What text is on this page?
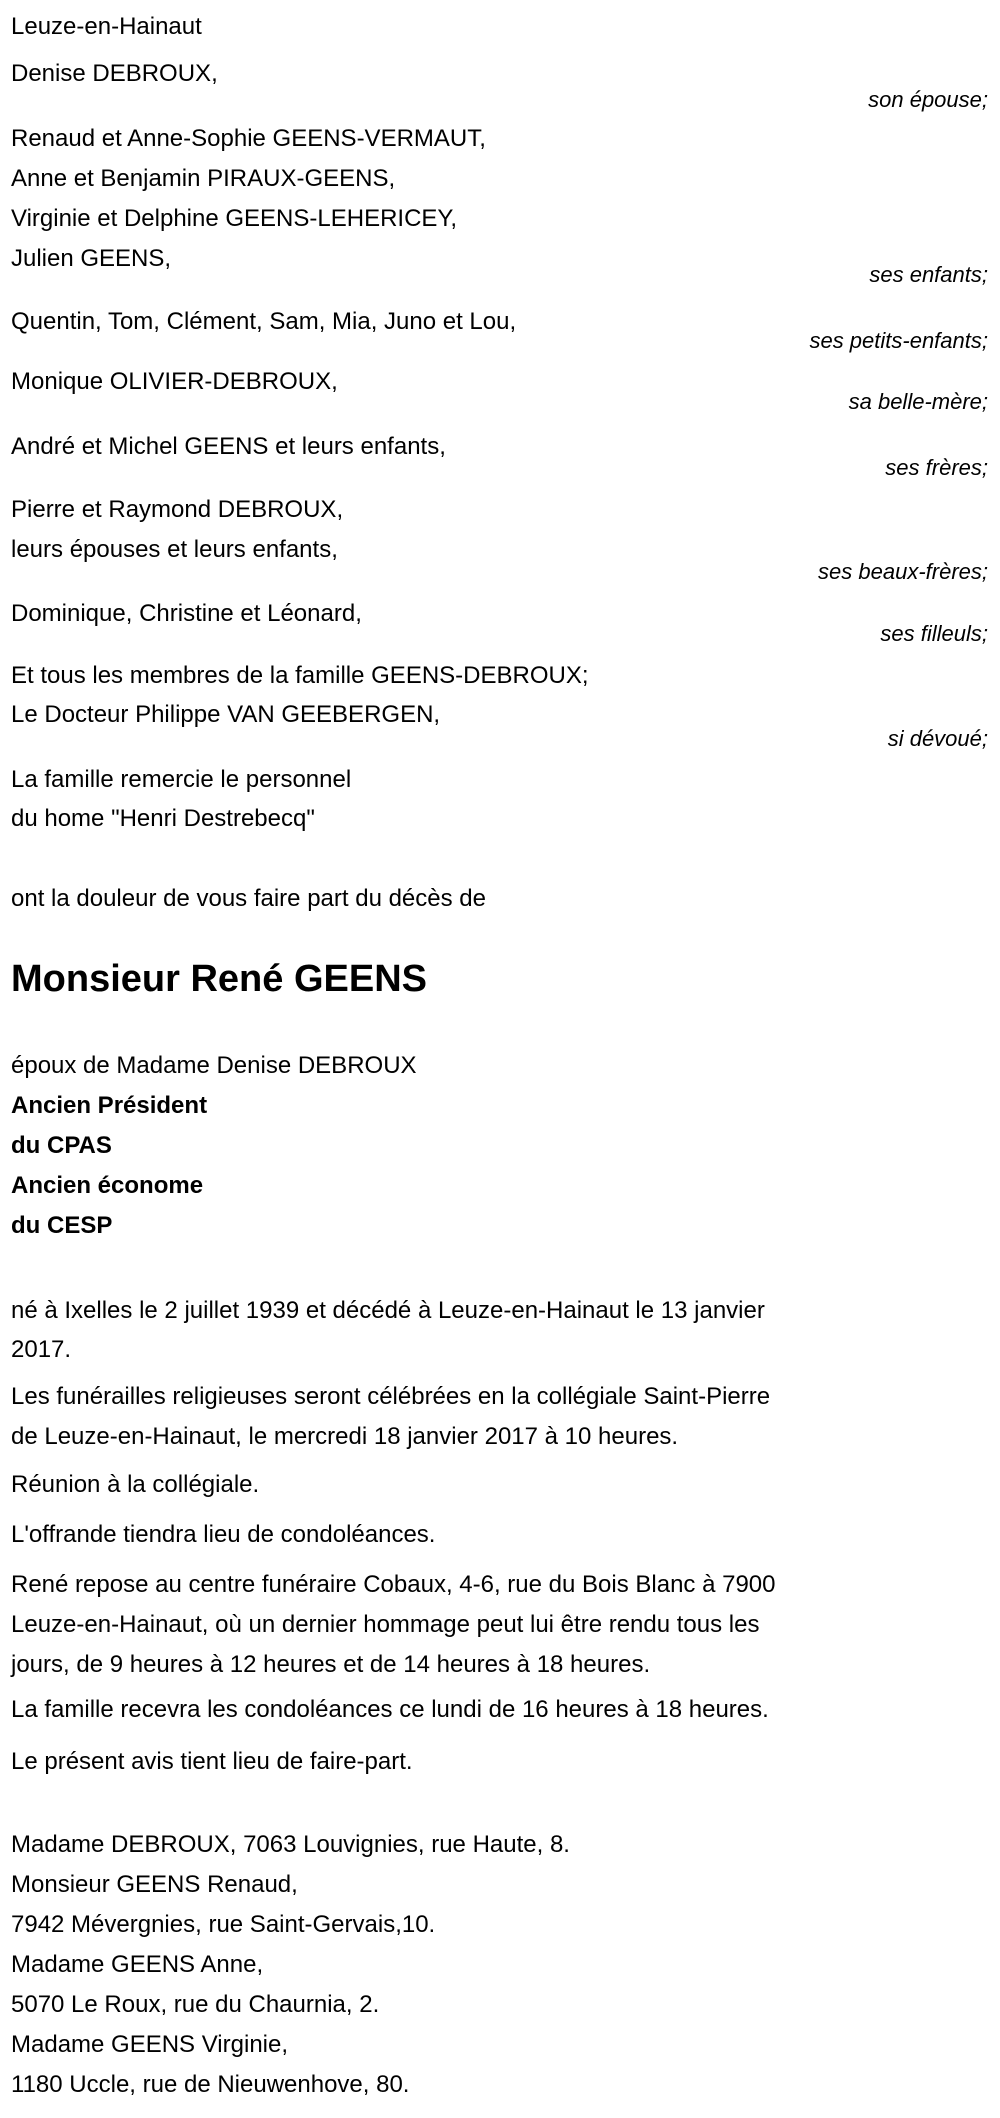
Leuze-en-Hainaut
Denise DEBROUX,
son épouse;
Renaud et Anne-Sophie GEENS-VERMAUT,
Anne et Benjamin PIRAUX-GEENS,
Virginie et Delphine GEENS-LEHERICEY,
Julien GEENS,
ses enfants;
Quentin, Tom, Clément, Sam, Mia, Juno et Lou,
ses petits-enfants;
Monique OLIVIER-DEBROUX,
sa belle-mère;
André et Michel GEENS et leurs enfants,
ses frères;
Pierre et Raymond DEBROUX,
leurs épouses et leurs enfants,
ses beaux-frères;
Dominique, Christine et Léonard,
ses filleuls;
Et tous les membres de la famille GEENS-DEBROUX;
Le Docteur Philippe VAN GEEBERGEN,
si dévoué;
La famille remercie le personnel
du home "Henri Destrebecq"
ont la douleur de vous faire part du décès de
Monsieur René GEENS
époux de Madame Denise DEBROUX
Ancien Président
du CPAS
Ancien économe
du CESP
né à Ixelles le 2 juillet 1939 et décédé à Leuze-en-Hainaut le 13 janvier
2017.
Les funérailles religieuses seront célébrées en la collégiale Saint-Pierre
de Leuze-en-Hainaut, le mercredi 18 janvier 2017 à 10 heures.
Réunion à la collégiale.
L'offrande tiendra lieu de condoléances.
René repose au centre funéraire Cobaux, 4-6, rue du Bois Blanc à 7900
Leuze-en-Hainaut, où un dernier hommage peut lui être rendu tous les
jours, de 9 heures à 12 heures et de 14 heures à 18 heures.
La famille recevra les condoléances ce lundi de 16 heures à 18 heures.
Le présent avis tient lieu de faire-part.
Madame DEBROUX, 7063 Louvignies, rue Haute, 8.
Monsieur GEENS Renaud,
7942 Mévergnies, rue Saint-Gervais,10.
Madame GEENS Anne,
5070 Le Roux, rue du Chaurnia, 2.
Madame GEENS Virginie,
1180 Uccle, rue de Nieuwenhove, 80.
